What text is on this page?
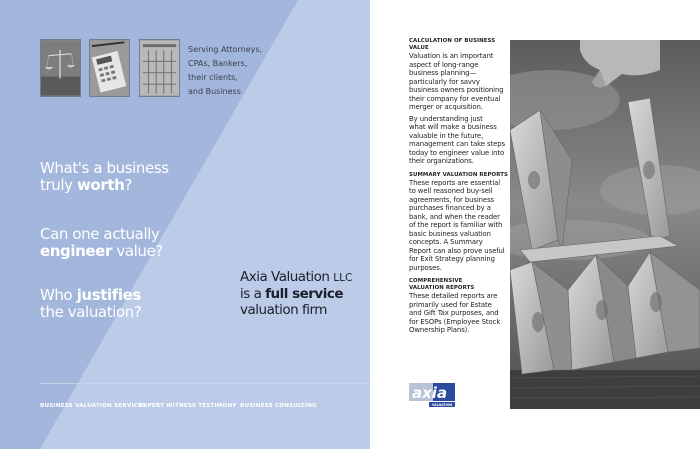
Serving Attorneys,
CPAs, Bankers,
their clients,
and Business
What's a business
truly worth?
Can one actually
engineer value?
Who justifies
the valuation?
Axia Valuation LLC
is a full service
valuation firm
BUSINESS VALUATION SERVICES
EXPERT WITNESS TESTIMONY BUSINESS CONSULTING
CALCULATION OF BUSINESS VALUE
Valuation is an important
aspect of long-range
business planning—
particularly for savvy
business owners positioning
their company for eventual
merger or acquisition.
By understanding just
what will make a business
valuable in the future,
management can take steps
today to engineer value into
their organizations.
SUMMARY VALUATION REPORTS
These reports are essential
to well reasoned buy-sell
agreements, for business
purchases financed by a
bank, and when the reader
of the report is familiar with
basic business valuation
concepts. A Summary
Report can also prove useful
for Exit Strategy planning
purposes.
COMPREHENSIVE
VALUATION REPORTS
These detailed reports are
primarily used for Estate
and Gift Tax purposes, and
for ESOPs (Employee Stock
Ownership Plans).
axia
VALUATION
